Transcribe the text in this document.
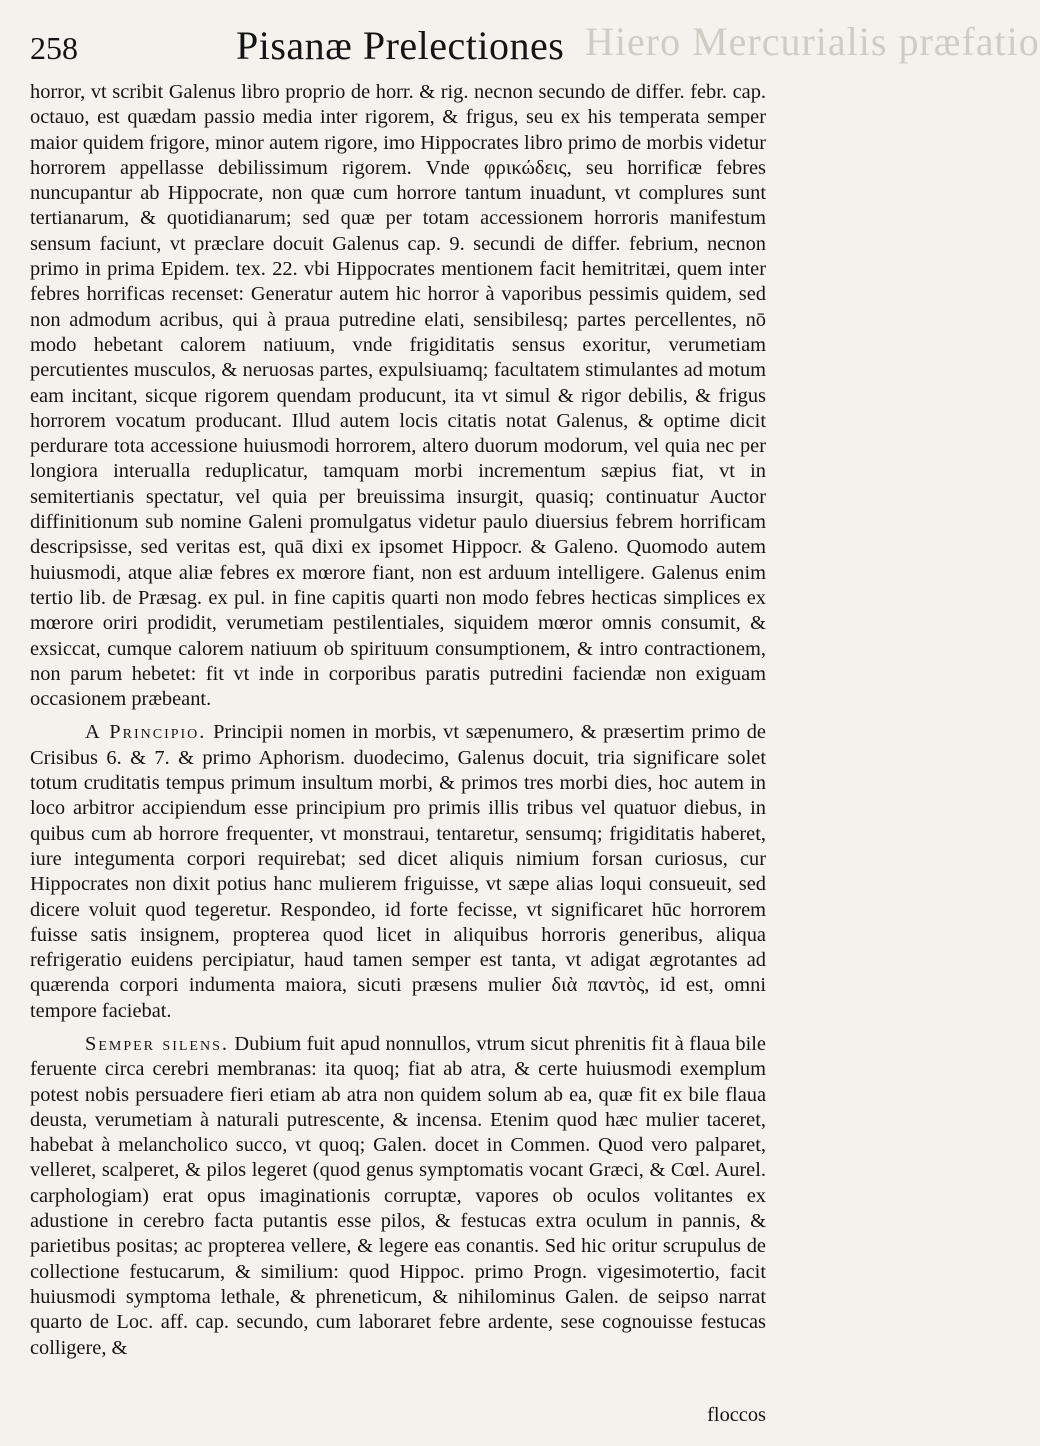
Hiero Mercurialis præfatio
258	Pisanæ Prelectiones

horror, vt scribit Galenus libro proprio de horr. & rig. necnon secundo de differ. febr. cap. octauo, est quædam passio media inter rigorem, & frigus, seu ex his temperata semper maior quidem frigore, minor autem rigore, imo Hippocrates libro primo de morbis videtur horrorem appellasse debilissimum rigorem. Vnde φρικώδεις, seu horrificæ febres nuncupantur ab Hippocrate, non quæ cum horrore tantum inuadunt, vt complures sunt tertianarum, & quotidianarum; sed quæ per totam accessionem horroris manifestum sensum faciunt, vt præclare docuit Galenus cap. 9. secundi de differ. febrium, necnon primo in prima Epidem. tex. 22. vbi Hippocrates mentionem facit hemitritæi, quem inter febres horrificas recenset: Generatur autem hic horror à vaporibus pessimis quidem, sed non admodum acribus, qui à praua putredine elati, sensibilesq; partes percellentes, nō modo hebetant calorem natiuum, vnde frigiditatis sensus exoritur, verumetiam percutientes musculos, & neruosas partes, expulsiuamq; facultatem stimulantes ad motum eam incitant, sicque rigorem quendam producunt, ita vt simul & rigor debilis, & frigus horrorem vocatum producant. Illud autem locis citatis notat Galenus, & optime dicit perdurare tota accessione huiusmodi horrorem, altero duorum modorum, vel quia nec per longiora interualla reduplicatur, tamquam morbi incrementum sæpius fiat, vt in semitertianis spectatur, vel quia per breuissima insurgit, quasiq; continuatur Auctor diffinitionum sub nomine Galeni promulgatus videtur paulo diuersius febrem horrificam descripsisse, sed veritas est, quā dixi ex ipsomet Hippocr. & Galeno. Quomodo autem huiusmodi, atque aliæ febres ex mœrore fiant, non est arduum intelligere. Galenus enim tertio lib. de Præsag. ex pul. in fine capitis quarti non modo febres hecticas simplices ex mœrore oriri prodidit, verumetiam pestilentiales, siquidem mœror omnis consumit, & exsiccat, cumque calorem natiuum ob spirituum consumptionem, & intro contractionem, non parum hebetet: fit vt inde in corporibus paratis putredini faciendæ non exiguam occasionem præbeant.

A Principio. Principii nomen in morbis, vt sæpenumero, & præsertim primo de Crisibus 6. & 7. & primo Aphorism. duodecimo, Galenus docuit, tria significare solet totum cruditatis tempus primum insultum morbi, & primos tres morbi dies, hoc autem in loco arbitror accipiendum esse principium pro primis illis tribus vel quatuor diebus, in quibus cum ab horrore frequenter, vt monstraui, tentaretur, sensumq; frigiditatis haberet, iure integumenta corpori requirebat; sed dicet aliquis nimium forsan curiosus, cur Hippocrates non dixit potius hanc mulierem friguisse, vt sæpe alias loqui consueuit, sed dicere voluit quod tegeretur. Respondeo, id forte fecisse, vt significaret hūc horrorem fuisse satis insignem, propterea quod licet in aliquibus horroris generibus, aliqua refrigeratio euidens percipiatur, haud tamen semper est tanta, vt adigat ægrotantes ad quærenda corpori indumenta maiora, sicuti præsens mulier διὰ παντὸς, id est, omni tempore faciebat.

Semper silens. Dubium fuit apud nonnullos, vtrum sicut phrenitis fit à flaua bile feruente circa cerebri membranas: ita quoq; fiat ab atra, & certe huiusmodi exemplum potest nobis persuadere fieri etiam ab atra non quidem solum ab ea, quæ fit ex bile flaua deusta, verumetiam à naturali putrescente, & incensa. Etenim quod hæc mulier taceret, habebat à melancholico succo, vt quoq; Galen. docet in Commen. Quod vero palparet, velleret, scalperet, & pilos legeret (quod genus symptomatis vocant Græci, & Cœl. Aurel. carphologiam) erat opus imaginationis corruptæ, vapores ob oculos volitantes ex adustione in cerebro facta putantis esse pilos, & festucas extra oculum in pannis, & parietibus positas; ac propterea vellere, & legere eas conantis. Sed hic oritur scrupulus de collectione festucarum, & similium: quod Hippoc. primo Progn. vigesimotertio, facit huiusmodi symptoma lethale, & phreneticum, & nihilominus Galen. de seipso narrat quarto de Loc. aff. cap. secundo, cum laboraret febre ardente, sese cognouisse festucas colligere, &

floccos
